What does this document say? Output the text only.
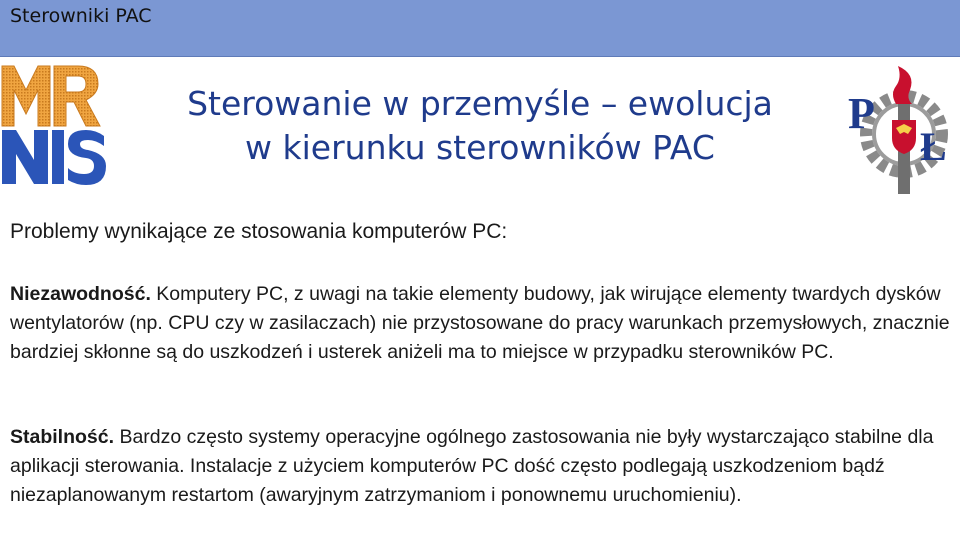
Sterowniki PAC
P
Ł
Sterowanie w przemyśle – ewolucja
w kierunku sterowników PAC
Problemy wynikające ze stosowania komputerów PC:
Niezawodność. Komputery PC, z uwagi na takie elementy budowy, jak wirujące elementy twardych dysków wentylatorów (np. CPU czy w zasilaczach) nie przystosowane do pracy warunkach przemysłowych, znacznie bardziej skłonne są do uszkodzeń i usterek aniżeli ma to miejsce w przypadku sterowników PC.
Stabilność. Bardzo często systemy operacyjne ogólnego zastosowania nie były wystarczająco stabilne dla aplikacji sterowania. Instalacje z użyciem komputerów PC dość często podlegają uszkodzeniom bądź niezaplanowanym restartom (awaryjnym zatrzymaniom i ponownemu uruchomieniu).
